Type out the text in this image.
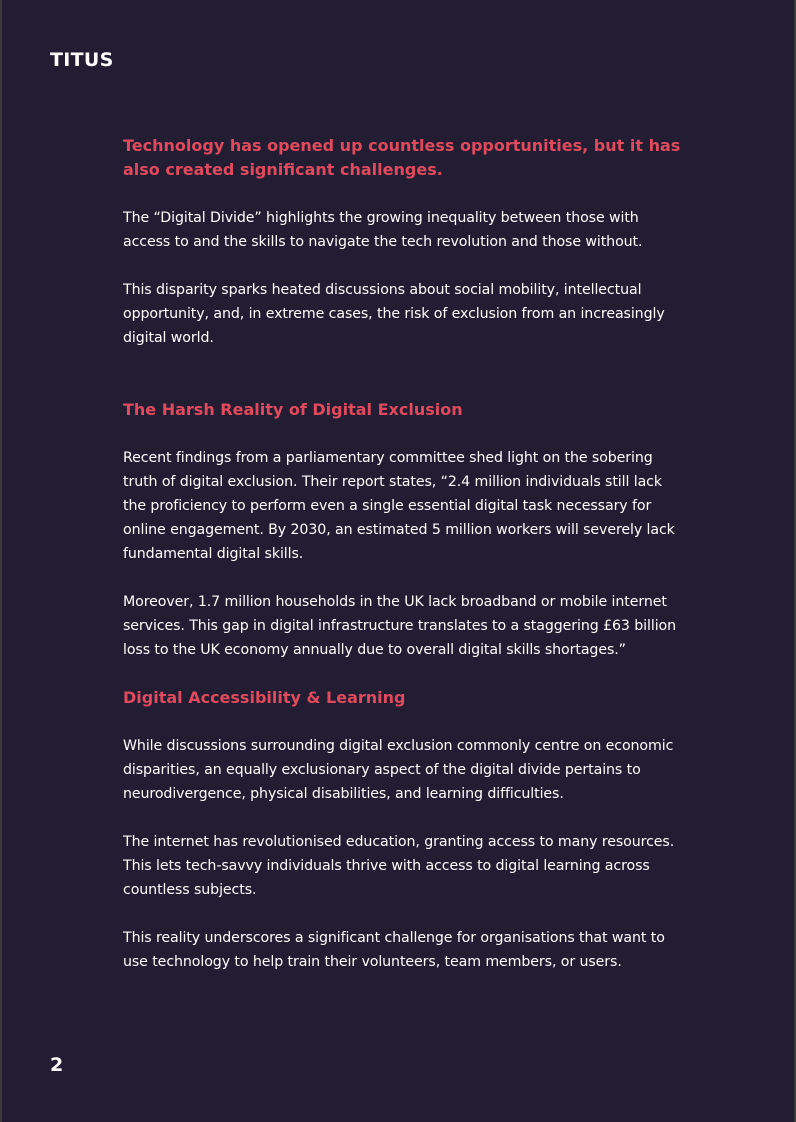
TITUS
Technology has opened up countless opportunities, but it has also created significant challenges.

The “Digital Divide” highlights the growing inequality between those with access to and the skills to navigate the tech revolution and those without.

This disparity sparks heated discussions about social mobility, intellectual opportunity, and, in extreme cases, the risk of exclusion from an increasingly digital world.

The Harsh Reality of Digital Exclusion

Recent findings from a parliamentary committee shed light on the sobering truth of digital exclusion. Their report states, “2.4 million individuals still lack the proficiency to perform even a single essential digital task necessary for online engagement. By 2030, an estimated 5 million workers will severely lack fundamental digital skills.

Moreover, 1.7 million households in the UK lack broadband or mobile internet services. This gap in digital infrastructure translates to a staggering £63 billion loss to the UK economy annually due to overall digital skills shortages.”

Digital Accessibility & Learning

While discussions surrounding digital exclusion commonly centre on economic disparities, an equally exclusionary aspect of the digital divide pertains to neurodivergence, physical disabilities, and learning difficulties.

The internet has revolutionised education, granting access to many resources. This lets tech-savvy individuals thrive with access to digital learning across countless subjects.

This reality underscores a significant challenge for organisations that want to use technology to help train their volunteers, team members, or users.

2
